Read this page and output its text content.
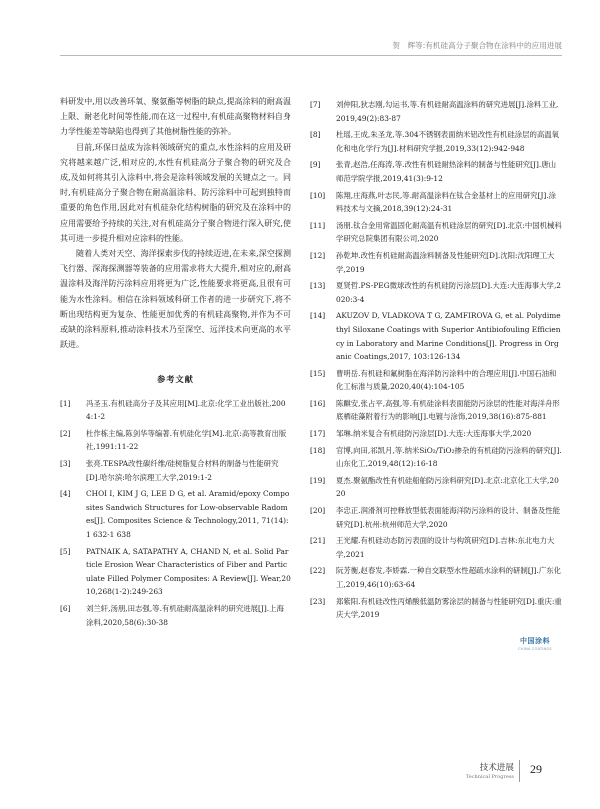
贺　辉等:有机硅高分子聚合物在涂料中的应用进展

料研发中,用以改善环氧、聚氨酯等树脂的缺点,提高涂料的耐高温上限、耐老化时间等性能,而在这一过程中,有机硅高聚物材料自身力学性能差等缺陷也得到了其他树脂性能的弥补。

目前,环保日益成为涂料领域研究的重点,水性涂料的应用及研究将越来越广泛,相对应的,水性有机硅高分子聚合物的研究及合成,及如何将其引入涂料中,将会是涂料领域发展的关键点之一。同时,有机硅高分子聚合物在耐高温涂料、防污涂料中可起到独特而重要的角色作用,因此对有机硅杂化结构树脂的研究及在涂料中的应用需要给予持续的关注,对有机硅高分子聚合物进行深入研究,使其可进一步提升相对应涂料的性能。

随着人类对天空、海洋探索步伐的持续迈进,在未来,深空探测飞行器、深海探测器等装备的应用需求将大大提升,相对应的,耐高温涂料及海洋防污涂料应用将更为广泛,性能要求将更高,且很有可能为水性涂料。相信在涂料领域科研工作者的进一步研究下,将不断出现结构更为复杂、性能更加优秀的有机硅高聚物,并作为不可或缺的涂料原料,推动涂料技术乃至深空、远洋技术向更高的水平跃进。

参考文献
[1]	冯圣玉.有机硅高分子及其应用[M].北京:化学工业出版社,2004:1-2
[2]	杜作栋主编,陈剑华等编著.有机硅化学[M].北京:高等教育出版社,1991:11-22
[3]	张亮.TESPA改性碳纤维/硅树脂复合材料的制备与性能研究[D].哈尔滨:哈尔滨理工大学,2019:1-2
[4]	CHOI I, KIM J G, LEE D G, et al. Aramid/epoxy Composites Sandwich Structures for Low-observable Radomes[J]. Composites Science & Technology,2011, 71(14):1 632-1 638
[5]	PATNAIK A, SATAPATHY A, CHAND N, et al. Solid Particle Erosion Wear Characteristics of Fiber and Particulate Filled Polymer Composites: A Review[J]. Wear,2010,268(1-2):249-263
[6]	刘兰轩,汤朋,田志强,等.有机硅耐高温涂料的研究进展[J].上海涂料,2020,58(6):30-38
[7]	刘仲阳,狄志刚,勾运书,等.有机硅耐高温涂料的研究进展[J].涂料工业,2019,49(2):83-87
[8]	杜瑶,王成,朱圣龙,等.304不锈钢表面纳米铝改性有机硅涂层的高温氧化和电化学行为[J].材料研究学报,2019,33(12):942-948
[9]	张青,赵浩,任海涛,等.改性有机硅耐热涂料的制备与性能研究[J].唐山师范学院学报,2019,41(3):9-12
[10]	陈翔,庄海燕,叶志民,等.耐高温涂料在钛合金基材上的应用研究[J].涂料技术与文摘,2018,39(12):24-31
[11]	汤朋.钛合金用常温固化耐高温有机硅涂层的研究[D].北京:中国机械科学研究总院集团有限公司,2020
[12]	孙乾坤.改性有机硅耐高温涂料制备及性能研究[D].沈阳:沈阳理工大学,2019
[13]	夏贤哲.PS-PEG微球改性的有机硅防污涂层[D].大连:大连海事大学,2020:3-4
[14]	AKUZOV D, VLADKOVA T G, ZAMFIROVA G, et al. Polydimethyl Siloxane Coatings with Superior Antibiofouling Efficiency in Laboratory and Marine Conditions[J]. Progress in Organic Coatings,2017, 103:126-134
[15]	曹明岳.有机硅和氟树脂在海洋防污涂料中的合理应用[J].中国石油和化工标准与质量,2020,40(4):104-105
[16]	陈麒安,张占平,高强,等.有机硅涂料表面能防污涂层的性能对海洋舟形底栖硅藻附着行为的影响[J].电镀与涂饰,2019,38(16):875-881
[17]	邹琳.纳米复合有机硅防污涂层[D].大连:大连海事大学,2020
[18]	官博,向田,祁凯月,等.纳米SiO₂/TiO₂掺杂的有机硅防污涂料的研究[J].山东化工,2019,48(12):16-18
[19]	夏杰.聚氨酯改性有机硅船舶防污涂料研究[D].北京:北京化工大学,2020
[20]	李忠正.润滑剂可控释放型低表面能海洋防污涂料的设计、制备及性能研究[D].杭州:杭州师范大学,2020
[21]	王光耀.有机硅动态防污表面的设计与构筑研究[D].吉林:东北电力大学,2021
[22]	阮芳衡,赵春发,李娇霖.一种自交联型水性超疏水涂料的研制[J].广东化工,2019,46(10):63-64
[23]	郑紫阳.有机硅改性丙烯酸低温防雾涂层的制备与性能研究[D].重庆:重庆大学,2019
中国涂料
CHINA COATINGS
技术进展
Technical Progress
29
